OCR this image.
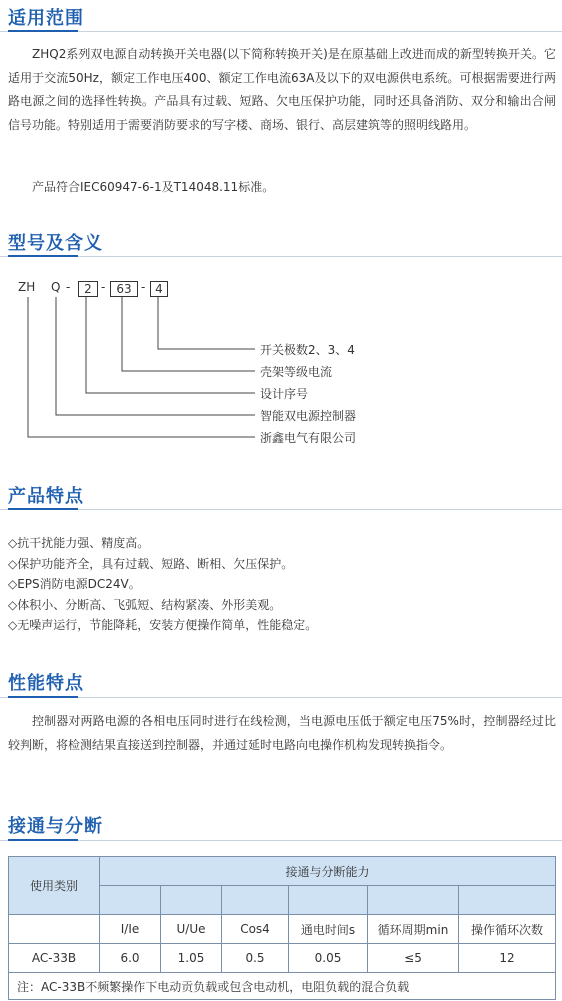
适用范围

ZHQ2系列双电源自动转换开关电器(以下简称转换开关)是在原基础上改进而成的新型转换开关。它适用于交流50Hz，额定工作电压400、额定工作电流63A及以下的双电源供电系统。可根据需要进行两路电源之间的选择性转换。产品具有过载、短路、欠电压保护功能，同时还具备消防、双分和输出合闸信号功能。特别适用于需要消防要求的写字楼、商场、银行、高层建筑等的照明线路用。

产品符合IEC60947-6-1及T14048.11标准。

型号及含义
ZH Q -	2 - 63 - 4
开关极数2、3、4
壳架等级电流
设计序号
智能双电源控制器
浙鑫电气有限公司
产品特点
◇抗干扰能力强、精度高。
◇保护功能齐全，具有过载、短路、断相、欠压保护。
◇EPS消防电源DC24V。
◇体积小、分断高、飞弧短、结构紧凑、外形美观。
◇无噪声运行，节能降耗，安装方便操作简单，性能稳定。
性能特点

控制器对两路电源的各相电压同时进行在线检测，当电源电压低于额定电压75%时，控制器经过比较判断，将检测结果直接送到控制器，并通过延时电路向电操作机构发现转换指令。

接通与分断
使用类别	接通与分断能力					

	I/Ie	U/Ue	Cos4	通电时间s	循环周期min	操作循环次数
AC-33B	6.0	1.05	0.5	0.05	≤5	12
注：AC-33B不频繁操作下电动贡负载或包含电动机，电阻负载的混合负载						
